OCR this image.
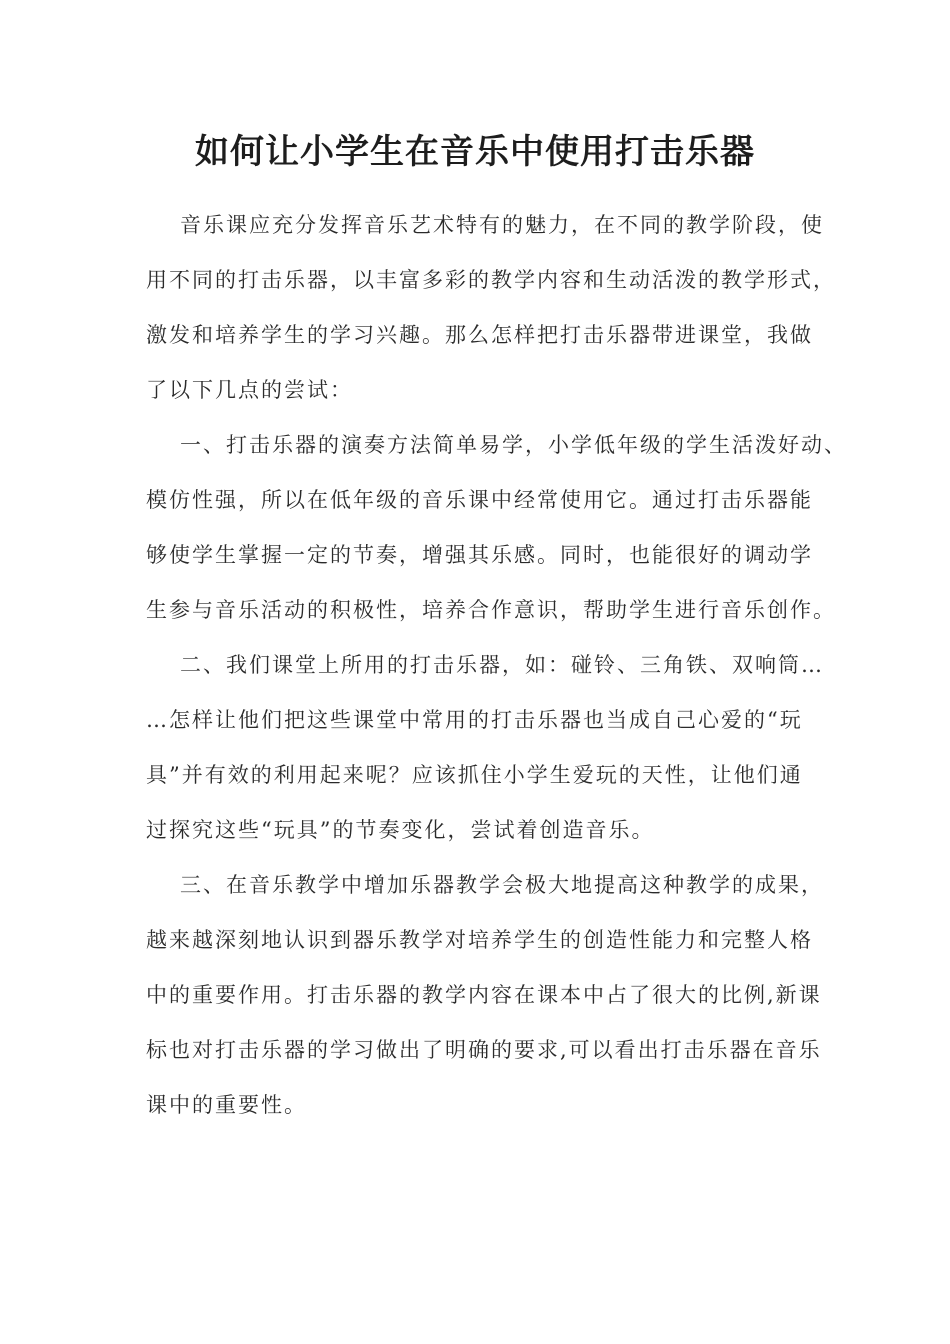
如何让小学生在音乐中使用打击乐器
音乐课应充分发挥音乐艺术特有的魅力，在不同的教学阶段，使
用不同的打击乐器，以丰富多彩的教学内容和生动活泼的教学形式，
激发和培养学生的学习兴趣。那么怎样把打击乐器带进课堂，我做
了以下几点的尝试：
一、打击乐器的演奏方法简单易学，小学低年级的学生活泼好动、
模仿性强，所以在低年级的音乐课中经常使用它。通过打击乐器能
够使学生掌握一定的节奏，增强其乐感。同时，也能很好的调动学
生参与音乐活动的积极性，培养合作意识，帮助学生进行音乐创作。
二、我们课堂上所用的打击乐器，如：碰铃、三角铁、双响筒…
…怎样让他们把这些课堂中常用的打击乐器也当成自己心爱的“玩
具”并有效的利用起来呢？应该抓住小学生爱玩的天性，让他们通
过探究这些“玩具”的节奏变化，尝试着创造音乐。
三、在音乐教学中增加乐器教学会极大地提高这种教学的成果，
越来越深刻地认识到器乐教学对培养学生的创造性能力和完整人格
中的重要作用。打击乐器的教学内容在课本中占了很大的比例,新课
标也对打击乐器的学习做出了明确的要求,可以看出打击乐器在音乐
课中的重要性。
